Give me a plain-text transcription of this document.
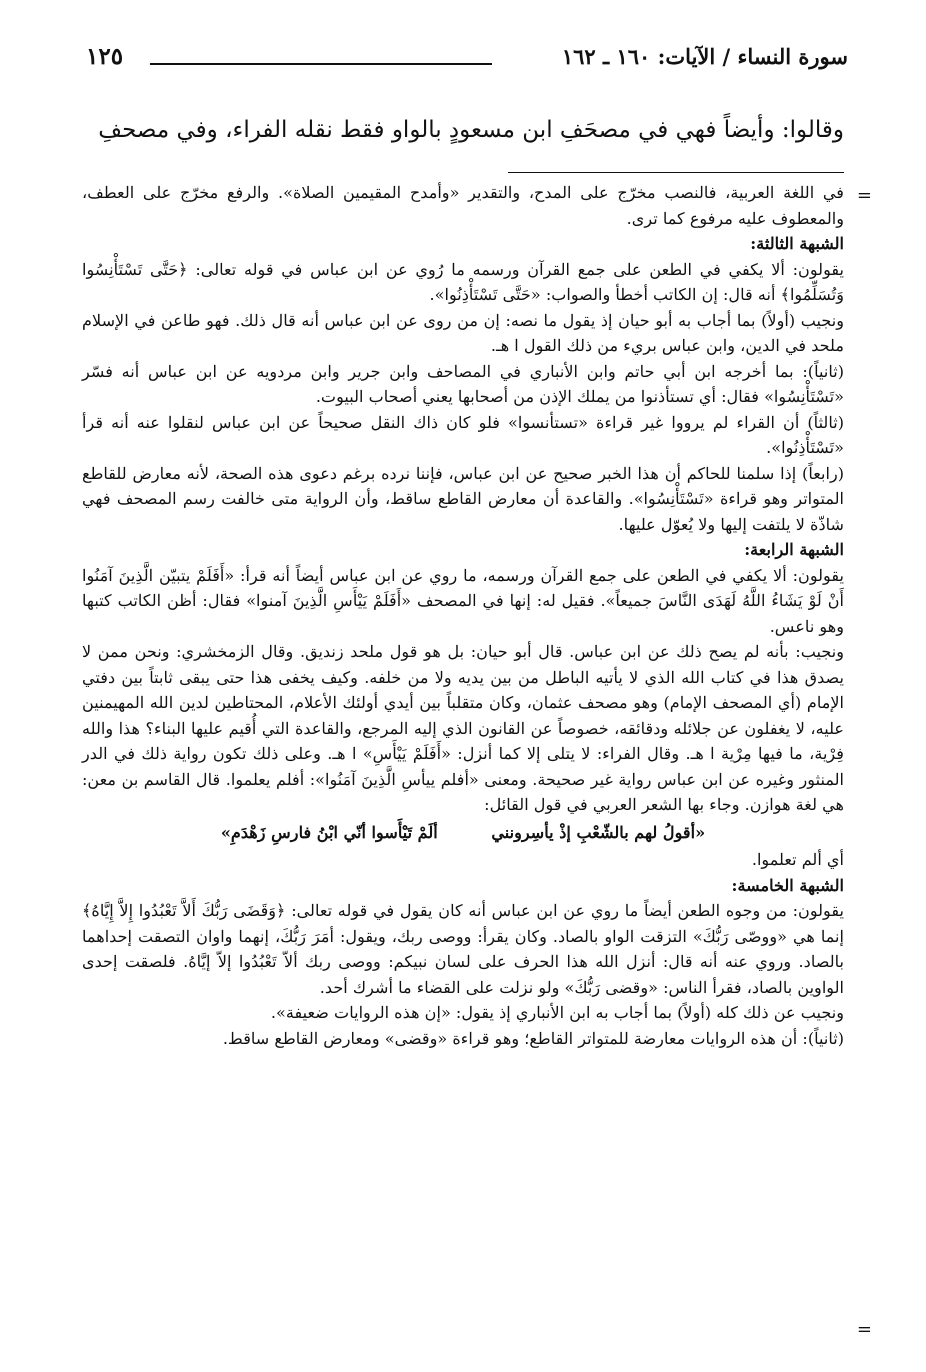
سورة النساء / الآيات: ١٦٠ ـ ١٦٢
١٢٥
وقالوا: وأيضاً فهي في مصحَفِ ابن مسعودٍ بالواو فقط نقله الفراء، وفي مصحفِ
=
=

في اللغة العربية، فالنصب مخرّج على المدح، والتقدير «وأمدح المقيمين الصلاة». والرفع مخرّج على العطف، والمعطوف عليه مرفوع كما ترى.

الشبهة الثالثة:

يقولون: ألا يكفي في الطعن على جمع القرآن ورسمه ما رُوي عن ابن عباس في قوله تعالى: ﴿حَتَّى تَسْتَأْنِسُوا وَتُسَلِّمُوا﴾ أنه قال: إن الكاتب أخطأ والصواب: «حَتَّى تَسْتَأْذِنُوا».

ونجيب (أولاً) بما أجاب به أبو حيان إذ يقول ما نصه: إن من روى عن ابن عباس أنه قال ذلك. فهو طاعن في الإسلام ملحد في الدين، وابن عباس بريء من ذلك القول ا هـ.

(ثانياً): بما أخرجه ابن أبي حاتم وابن الأنباري في المصاحف وابن جرير وابن مردويه عن ابن عباس أنه فسّر «تَسْتَأْنِسُوا» فقال: أي تستأذنوا من يملك الإذن من أصحابها يعني أصحاب البيوت.

(ثالثاً) أن القراء لم يرووا غير قراءة «تستأنسوا» فلو كان ذاك النقل صحيحاً عن ابن عباس لنقلوا عنه أنه قرأ «تَسْتَأْذِنُوا».

(رابعاً) إذا سلمنا للحاكم أن هذا الخبر صحيح عن ابن عباس، فإننا نرده برغم دعوى هذه الصحة، لأنه معارض للقاطع المتواتر وهو قراءة «تَسْتَأْنِسُوا». والقاعدة أن معارض القاطع ساقط، وأن الرواية متى خالفت رسم المصحف فهي شاذّة لا يلتفت إليها ولا يُعوّل عليها.

الشبهة الرابعة:

يقولون: ألا يكفي في الطعن على جمع القرآن ورسمه، ما روي عن ابن عباس أيضاً أنه قرأ: «أَفَلَمْ يتبيّن الَّذِينَ آمَنُوا أَنْ لَوْ يَشَاءُ اللَّهُ لَهَدَى النَّاسَ جميعاً». فقيل له: إنها في المصحف «أَفَلَمْ يَيْأَسِ الَّذِينَ آمنوا» فقال: أظن الكاتب كتبها وهو ناعس.

ونجيب: بأنه لم يصح ذلك عن ابن عباس. قال أبو حيان: بل هو قول ملحد زنديق. وقال الزمخشري: ونحن ممن لا يصدق هذا في كتاب الله الذي لا يأتيه الباطل من بين يديه ولا من خلفه. وكيف يخفى هذا حتى يبقى ثابتاً بين دفتي الإمام (أي المصحف الإمام) وهو مصحف عثمان، وكان متقلباً بين أيدي أولئك الأعلام، المحتاطين لدين الله المهيمنين عليه، لا يغفلون عن جلائله ودقائقه، خصوصاً عن القانون الذي إليه المرجع، والقاعدة التي أُقيم عليها البناء؟ هذا والله فِرْية، ما فيها مِرْية ا هـ. وقال الفراء: لا يتلى إلا كما أنزل: «أَفَلَمْ يَيْأَسِ» ا هـ. وعلى ذلك تكون رواية ذلك في الدر المنثور وغيره عن ابن عباس رواية غير صحيحة. ومعنى «أفلم ييأسِ الَّذِينَ آمَنُوا»: أفلم يعلموا. قال القاسم بن معن: هي لغة هوازن. وجاء بها الشعر العربي في قول القائل:

«أقولُ لهم بالشّعْبِ إذْ يأسِرونني ألَمْ تَيْأَسوا أنّي ابْنُ فارسِ زَهْدَمِ»

أي ألم تعلموا.

الشبهة الخامسة:

يقولون: من وجوه الطعن أيضاً ما روي عن ابن عباس أنه كان يقول في قوله تعالى: ﴿وَقَضَى رَبُّكَ أَلاَّ تَعْبُدُوا إِلاَّ إِيَّاهُ﴾ إنما هي «ووصّى رَبُّكَ» التزقت الواو بالصاد. وكان يقرأ: ووصى ربك، ويقول: أمَرَ رَبُّكَ، إنهما واوان التصقت إحداهما بالصاد. وروي عنه أنه قال: أنزل الله هذا الحرف على لسان نبيكم: ووصى ربك ألاّ تَعْبُدُوا إلاّ إيَّاهُ. فلصقت إحدى الواوين بالصاد، فقرأ الناس: «وقضى رَبُّكَ» ولو نزلت على القضاء ما أشرك أحد.

ونجيب عن ذلك كله (أولاً) بما أجاب به ابن الأنباري إذ يقول: «إن هذه الروايات ضعيفة».

(ثانياً): أن هذه الروايات معارضة للمتواتر القاطع؛ وهو قراءة «وقضى» ومعارض القاطع ساقط.
